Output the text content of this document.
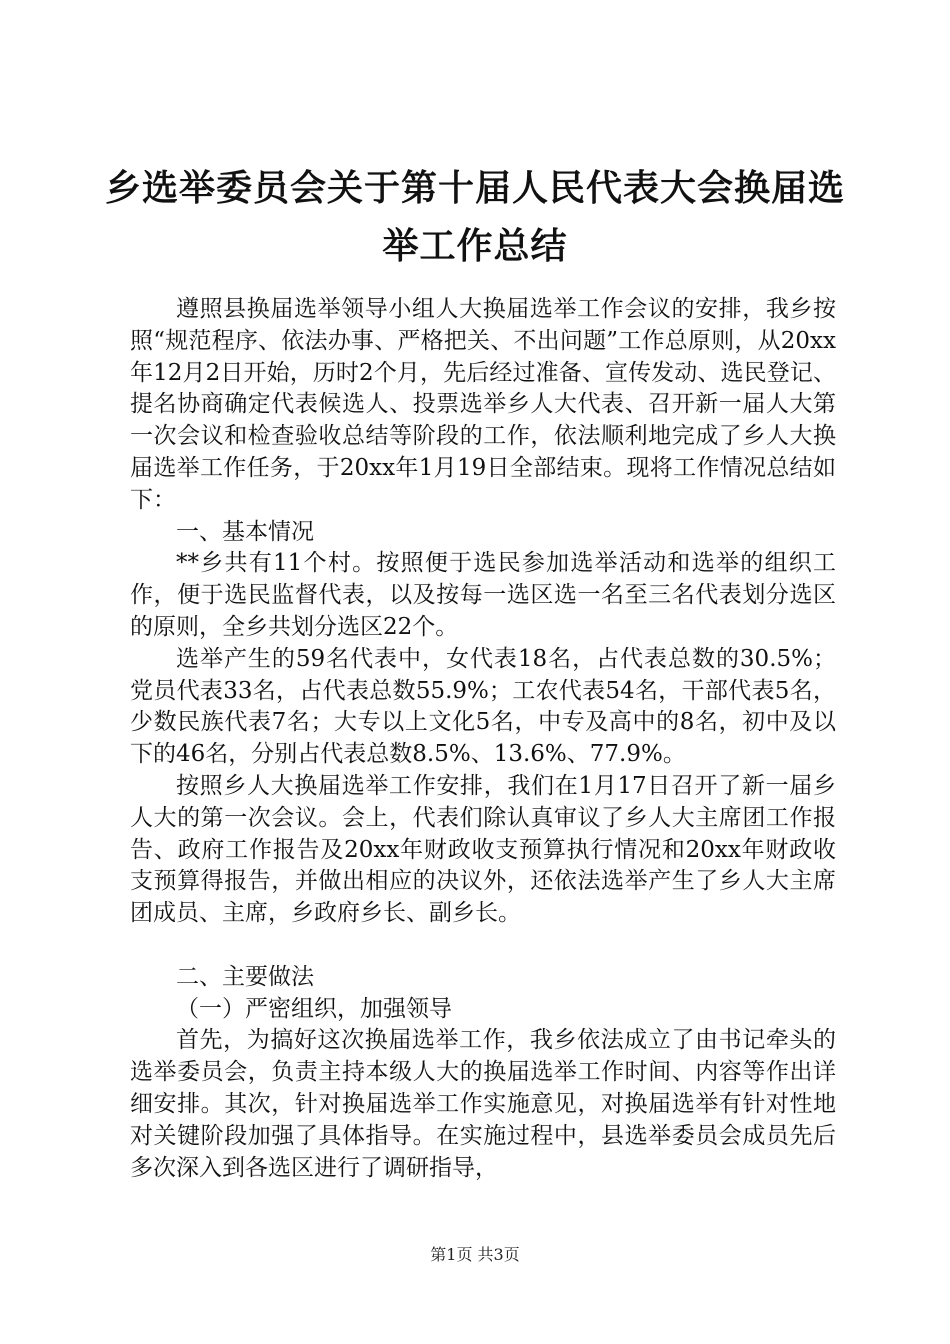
乡选举委员会关于第十届人民代表大会换届选
举工作总结

遵照县换届选举领导小组人大换届选举工作会议的安排，我乡按照“规范程序、依法办事、严格把关、不出问题”工作总原则，从20xx年12月2日开始，历时2个月，先后经过准备、宣传发动、选民登记、提名协商确定代表候选人、投票选举乡人大代表、召开新一届人大第一次会议和检查验收总结等阶段的工作，依法顺利地完成了乡人大换届选举工作任务，于20xx年1月19日全部结束。现将工作情况总结如下：

一、基本情况

**乡共有11个村。按照便于选民参加选举活动和选举的组织工作，便于选民监督代表，以及按每一选区选一名至三名代表划分选区的原则，全乡共划分选区22个。

选举产生的59名代表中，女代表18名，占代表总数的30.5%；党员代表33名，占代表总数55.9%；工农代表54名，干部代表5名，少数民族代表7名；大专以上文化5名，中专及高中的8名，初中及以下的46名，分别占代表总数8.5%、13.6%、77.9%。

按照乡人大换届选举工作安排，我们在1月17日召开了新一届乡人大的第一次会议。会上，代表们除认真审议了乡人大主席团工作报告、政府工作报告及20xx年财政收支预算执行情况和20xx年财政收支预算得报告，并做出相应的决议外，还依法选举产生了乡人大主席团成员、主席，乡政府乡长、副乡长。

二、主要做法

（一）严密组织，加强领导

首先，为搞好这次换届选举工作，我乡依法成立了由书记牵头的选举委员会，负责主持本级人大的换届选举工作时间、内容等作出详细安排。其次，针对换届选举工作实施意见，对换届选举有针对性地对关键阶段加强了具体指导。在实施过程中，县选举委员会成员先后多次深入到各选区进行了调研指导，

第1页 共3页
